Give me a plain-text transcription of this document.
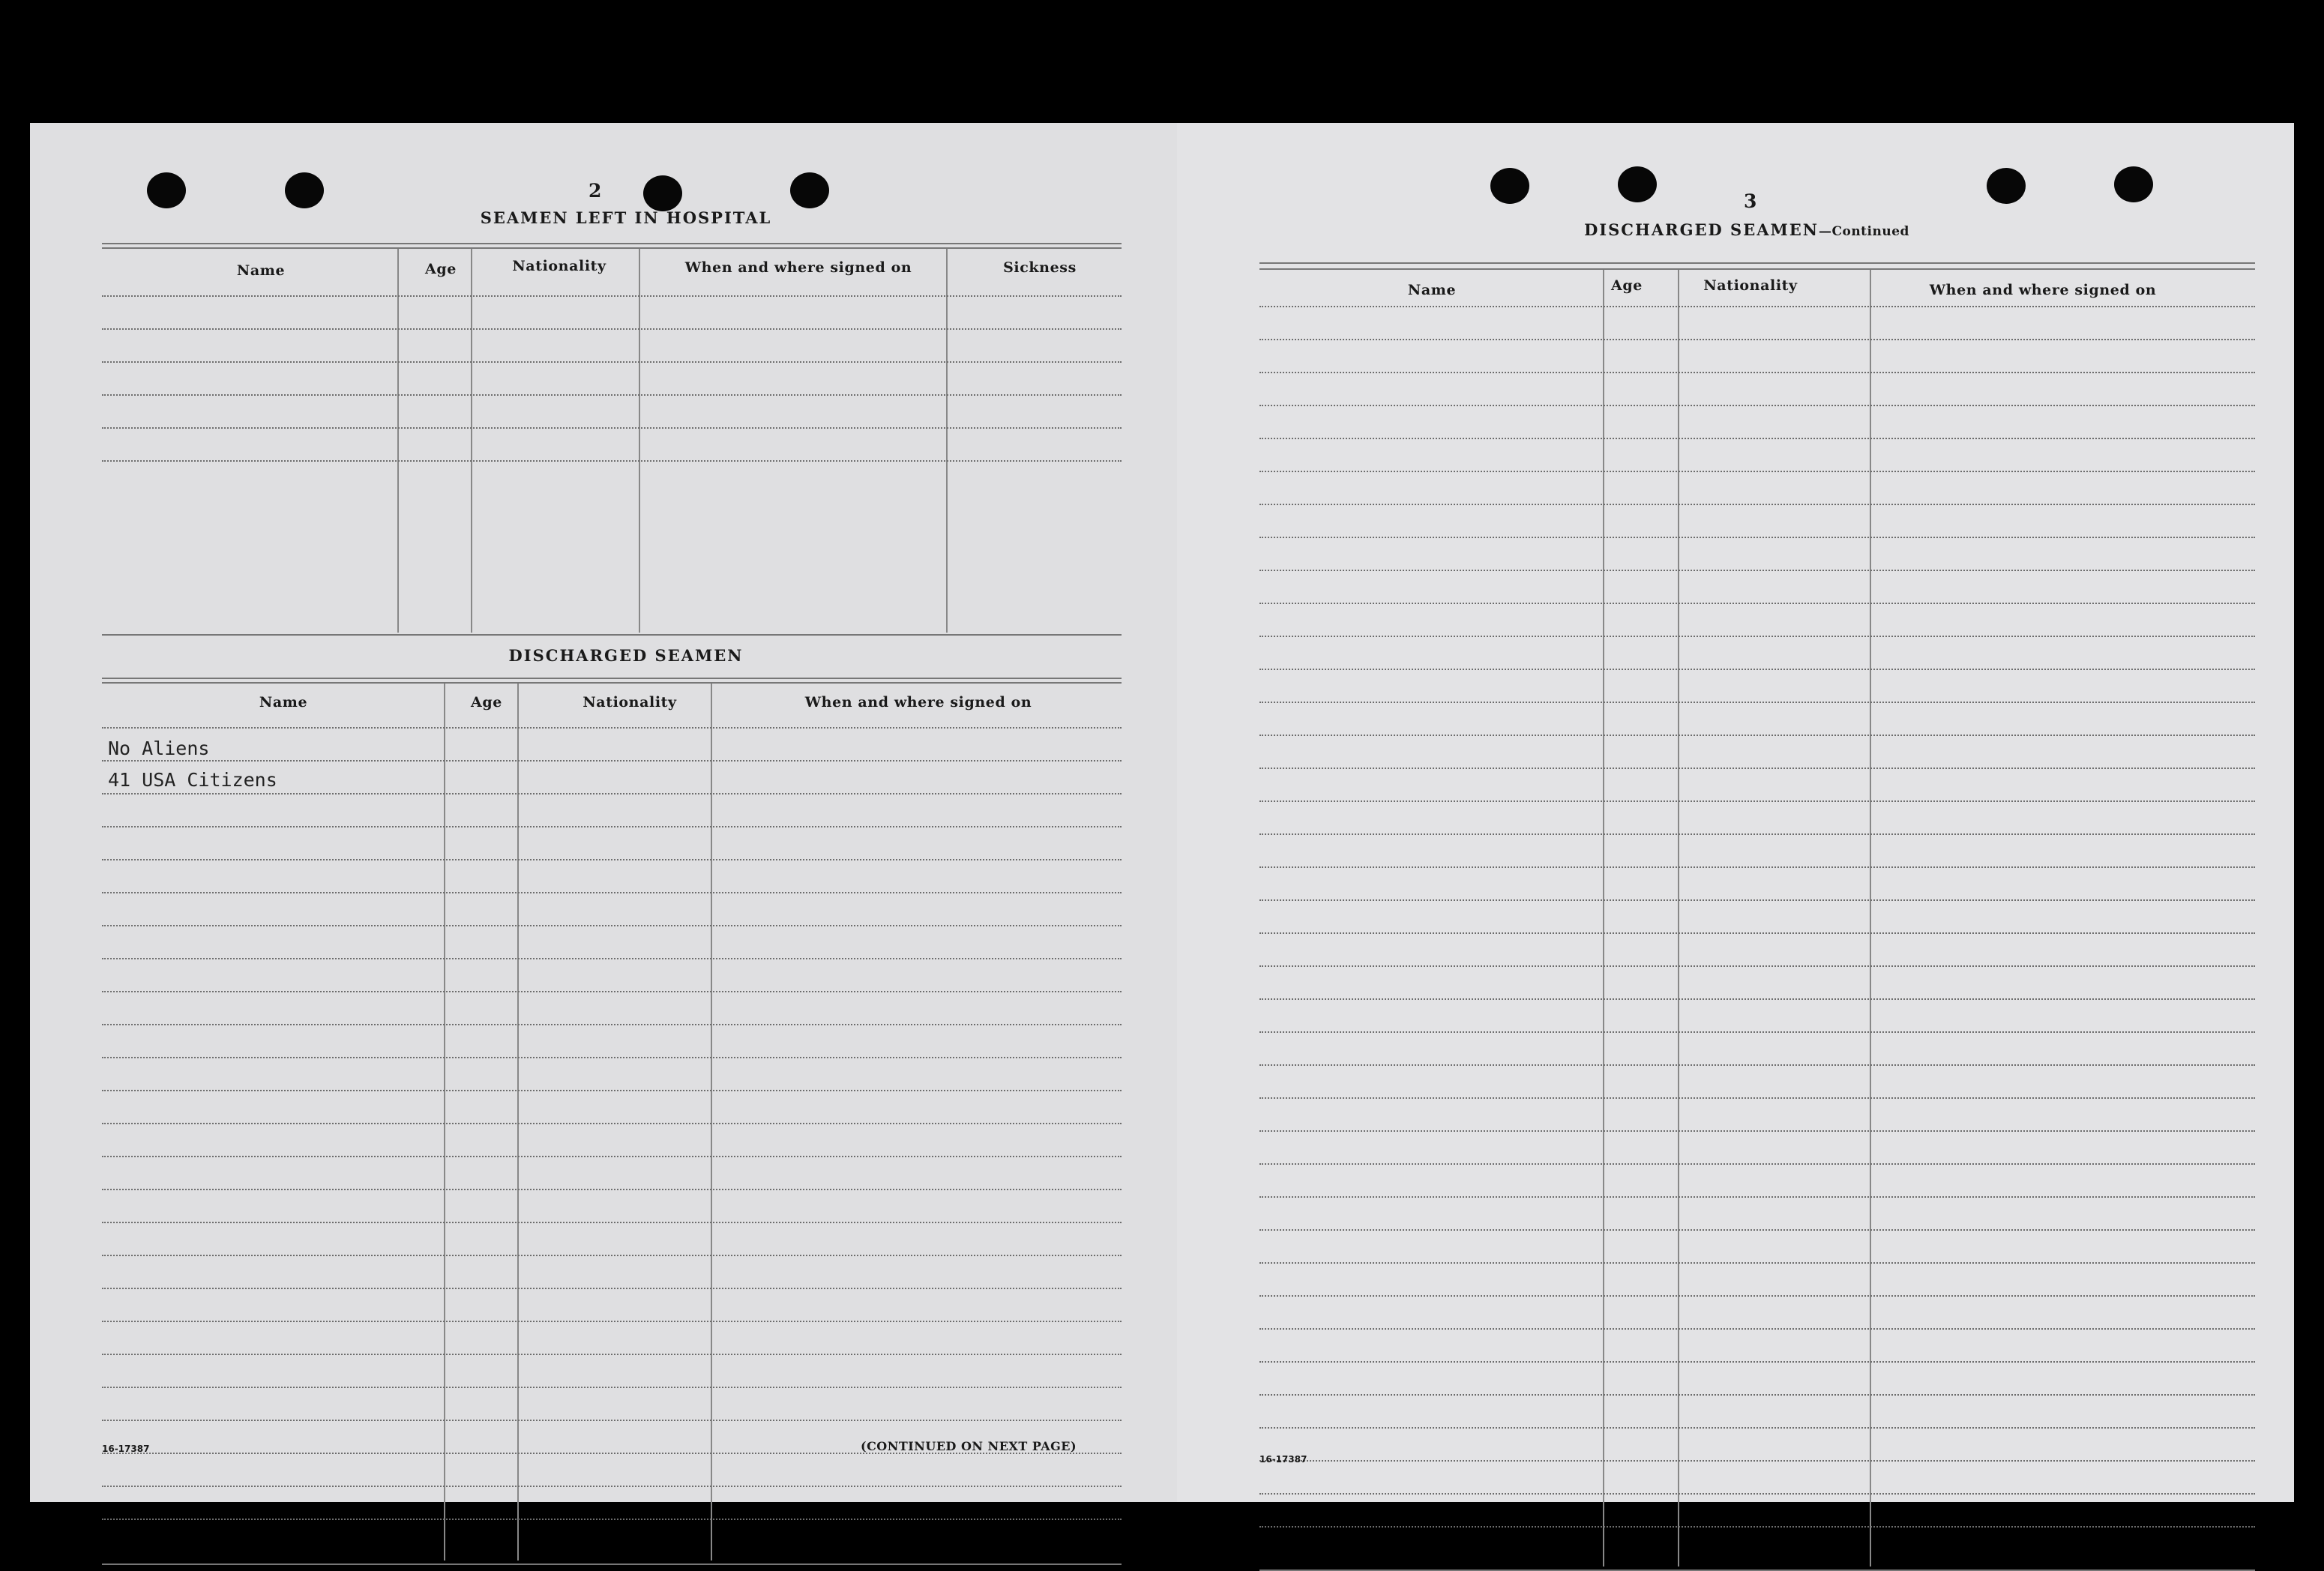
2
SEAMEN LEFT IN HOSPITAL
Name	Age	Nationality	When and where signed on	Sickness
DISCHARGED SEAMEN
Name	Age	Nationality	When and where signed on
No Aliens
41 USA Citizens
16-17387	(CONTINUED ON NEXT PAGE)
3
DISCHARGED SEAMEN—Continued
Name	Age	Nationality	When and where signed on
16-17387
